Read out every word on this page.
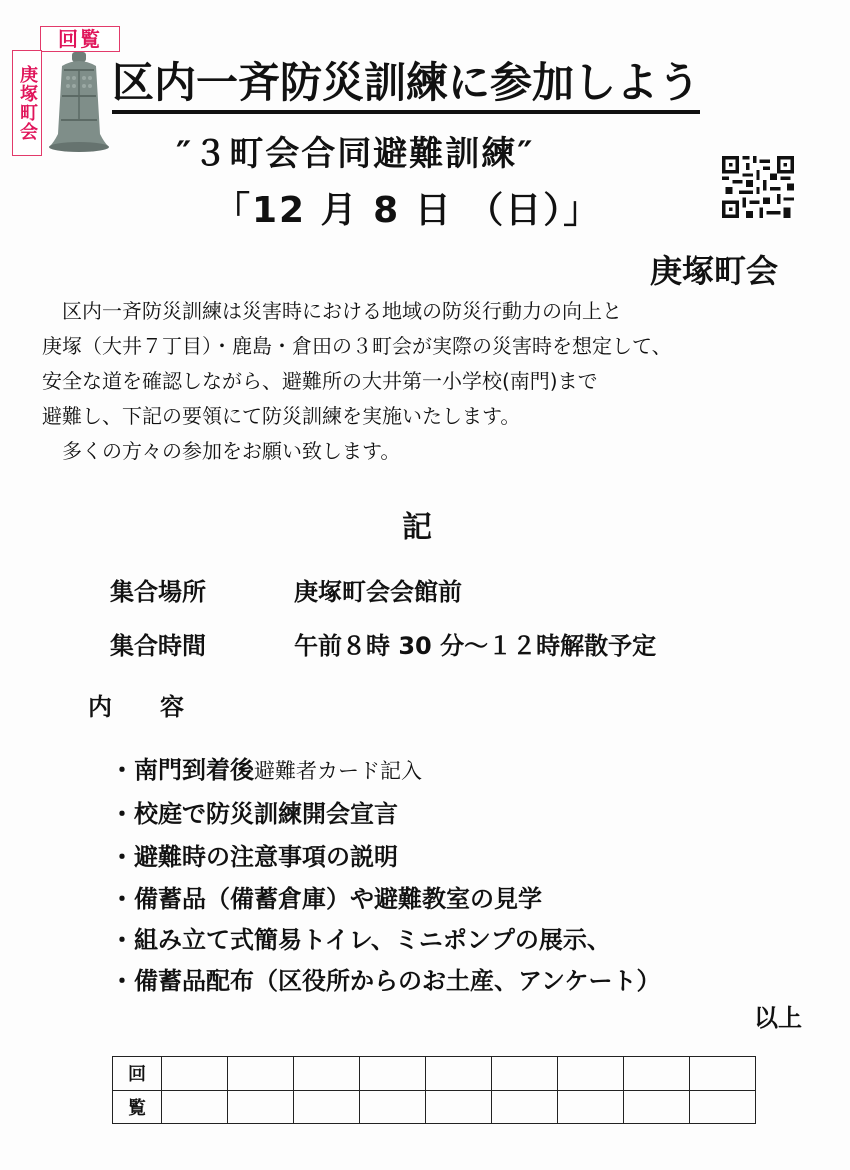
回覧
庚塚町会 区内一斉防災訓練に参加しよう
″３町会合同避難訓練″
「12 月 8 日 （日）」
庚塚町会
　区内一斉防災訓練は災害時における地域の防災行動力の向上と
庚塚（大井７丁目）・鹿島・倉田の３町会が実際の災害時を想定して、
安全な道を確認しながら、避難所の大井第一小学校(南門)まで
避難し、下記の要領にて防災訓練を実施いたします。
　多くの方々の参加をお願い致します。
記
集合場所	庚塚町会会館前
集合時間	午前８時 30 分～１２時解散予定
内　　容
・南門到着後避難者カード記入
・校庭で防災訓練開会宣言
・避難時の注意事項の説明
・備蓄品（備蓄倉庫）や避難教室の見学
・組み立て式簡易トイレ、ミニポンプの展示、
・備蓄品配布（区役所からのお土産、アンケート）
以上
回									
覧									
